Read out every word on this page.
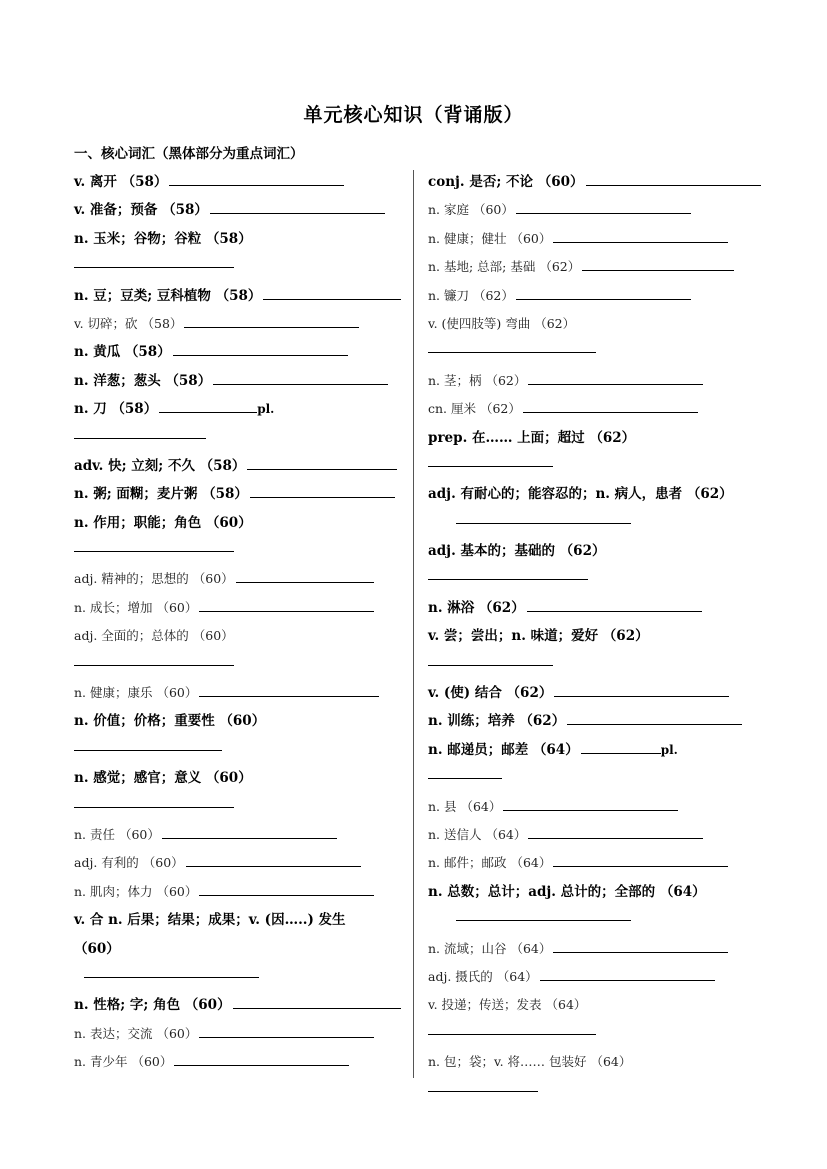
单元核心知识（背诵版）
一、核心词汇（黑体部分为重点词汇）
v. 离开 （58）
v. 准备；预备 （58）
n. 玉米；谷物；谷粒 （58）
n. 豆；豆类; 豆科植物 （58）
v. 切碎；砍 （58）
n. 黄瓜 （58）
n. 洋葱；葱头 （58）
n. 刀 （58）	pl.
adv. 快; 立刻; 不久 （58）
n. 粥; 面糊；麦片粥 （58）
n. 作用；职能；角色 （60）
adj. 精神的；思想的 （60）
n. 成长；增加 （60）
adj. 全面的；总体的 （60）
n. 健康；康乐 （60）
n. 价值；价格；重要性 （60）
n. 感觉；感官；意义 （60）
n. 责任 （60）
adj. 有利的 （60）
n. 肌肉；体力 （60）
v. 合 n. 后果；结果；成果；v. (因…..) 发生
（60）
n. 性格; 字; 角色 （60）
n. 表达；交流 （60）
n. 青少年 （60）
conj. 是否; 不论 （60）
n. 家庭 （60）
n. 健康；健壮 （60）
n. 基地; 总部; 基础 （62）
n. 镰刀 （62）
v. (使四肢等) 弯曲 （62）
n. 茎；柄 （62）
cn. 厘米 （62）
prep. 在…… 上面；超过 （62）
adj. 有耐心的；能容忍的；n. 病人，患者 （62）
adj. 基本的；基础的 （62）
n. 淋浴 （62）
v. 尝；尝出；n. 味道；爱好 （62）
v. (使) 结合 （62）
n. 训练；培养 （62）
n. 邮递员；邮差 （64）	pl.
n. 县 （64）
n. 送信人 （64）
n. 邮件；邮政 （64）
n. 总数；总计；adj. 总计的；全部的 （64）
n. 流域；山谷 （64）
adj. 摄氏的 （64）
v. 投递；传送；发表 （64）
n. 包；袋；v. 将…… 包装好 （64）
